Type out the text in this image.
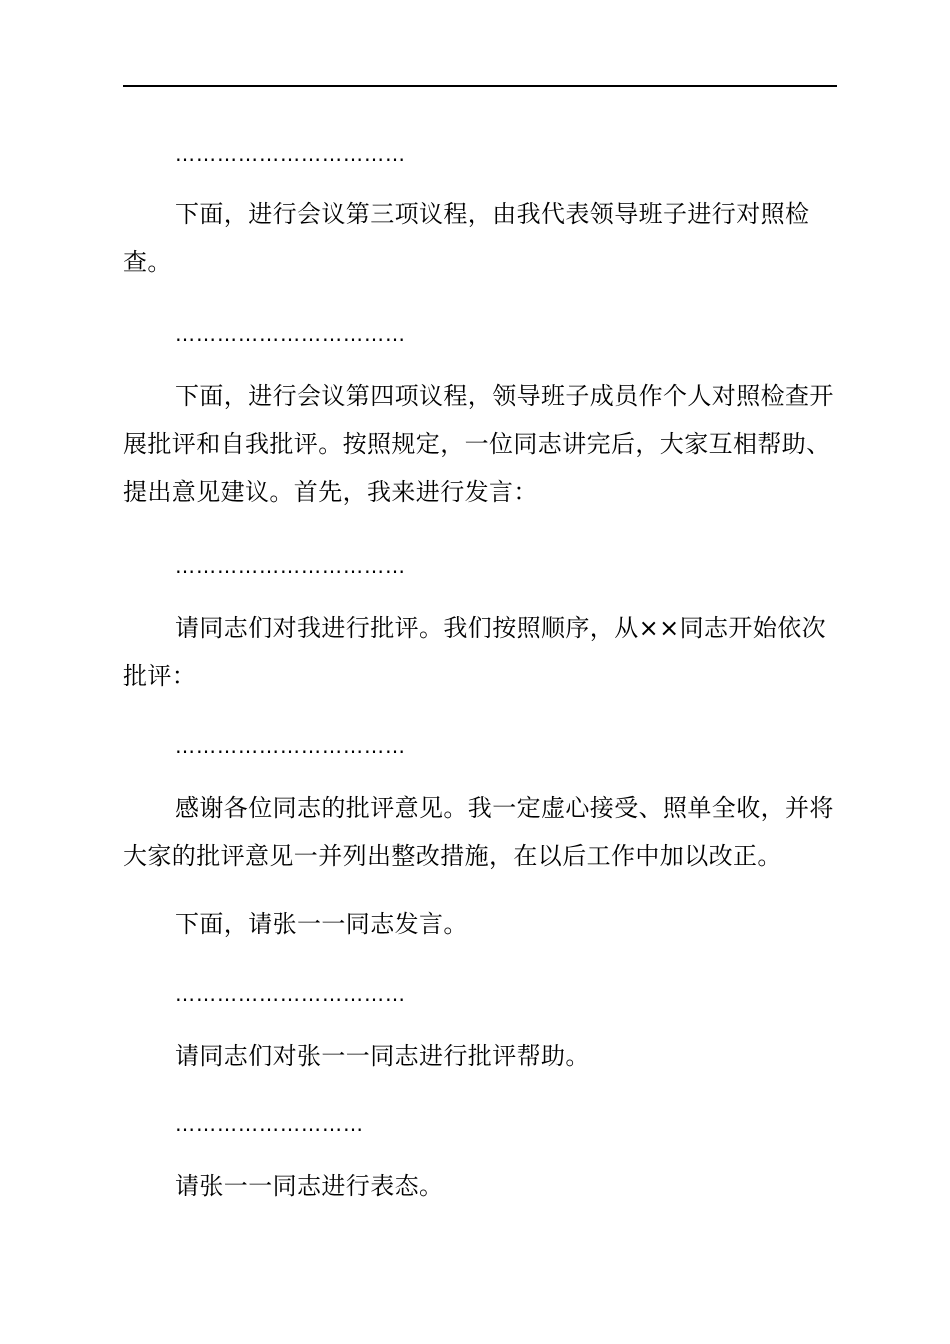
……………………………

下面，进行会议第三项议程，由我代表领导班子进行对照检查。

……………………………

下面，进行会议第四项议程，领导班子成员作个人对照检查开展批评和自我批评。按照规定，一位同志讲完后，大家互相帮助、提出意见建议。首先，我来进行发言：

……………………………

请同志们对我进行批评。我们按照顺序，从××同志开始依次批评：

……………………………

感谢各位同志的批评意见。我一定虚心接受、照单全收，并将大家的批评意见一并列出整改措施，在以后工作中加以改正。

下面，请张一一同志发言。

……………………………

请同志们对张一一同志进行批评帮助。

………………………

请张一一同志进行表态。
